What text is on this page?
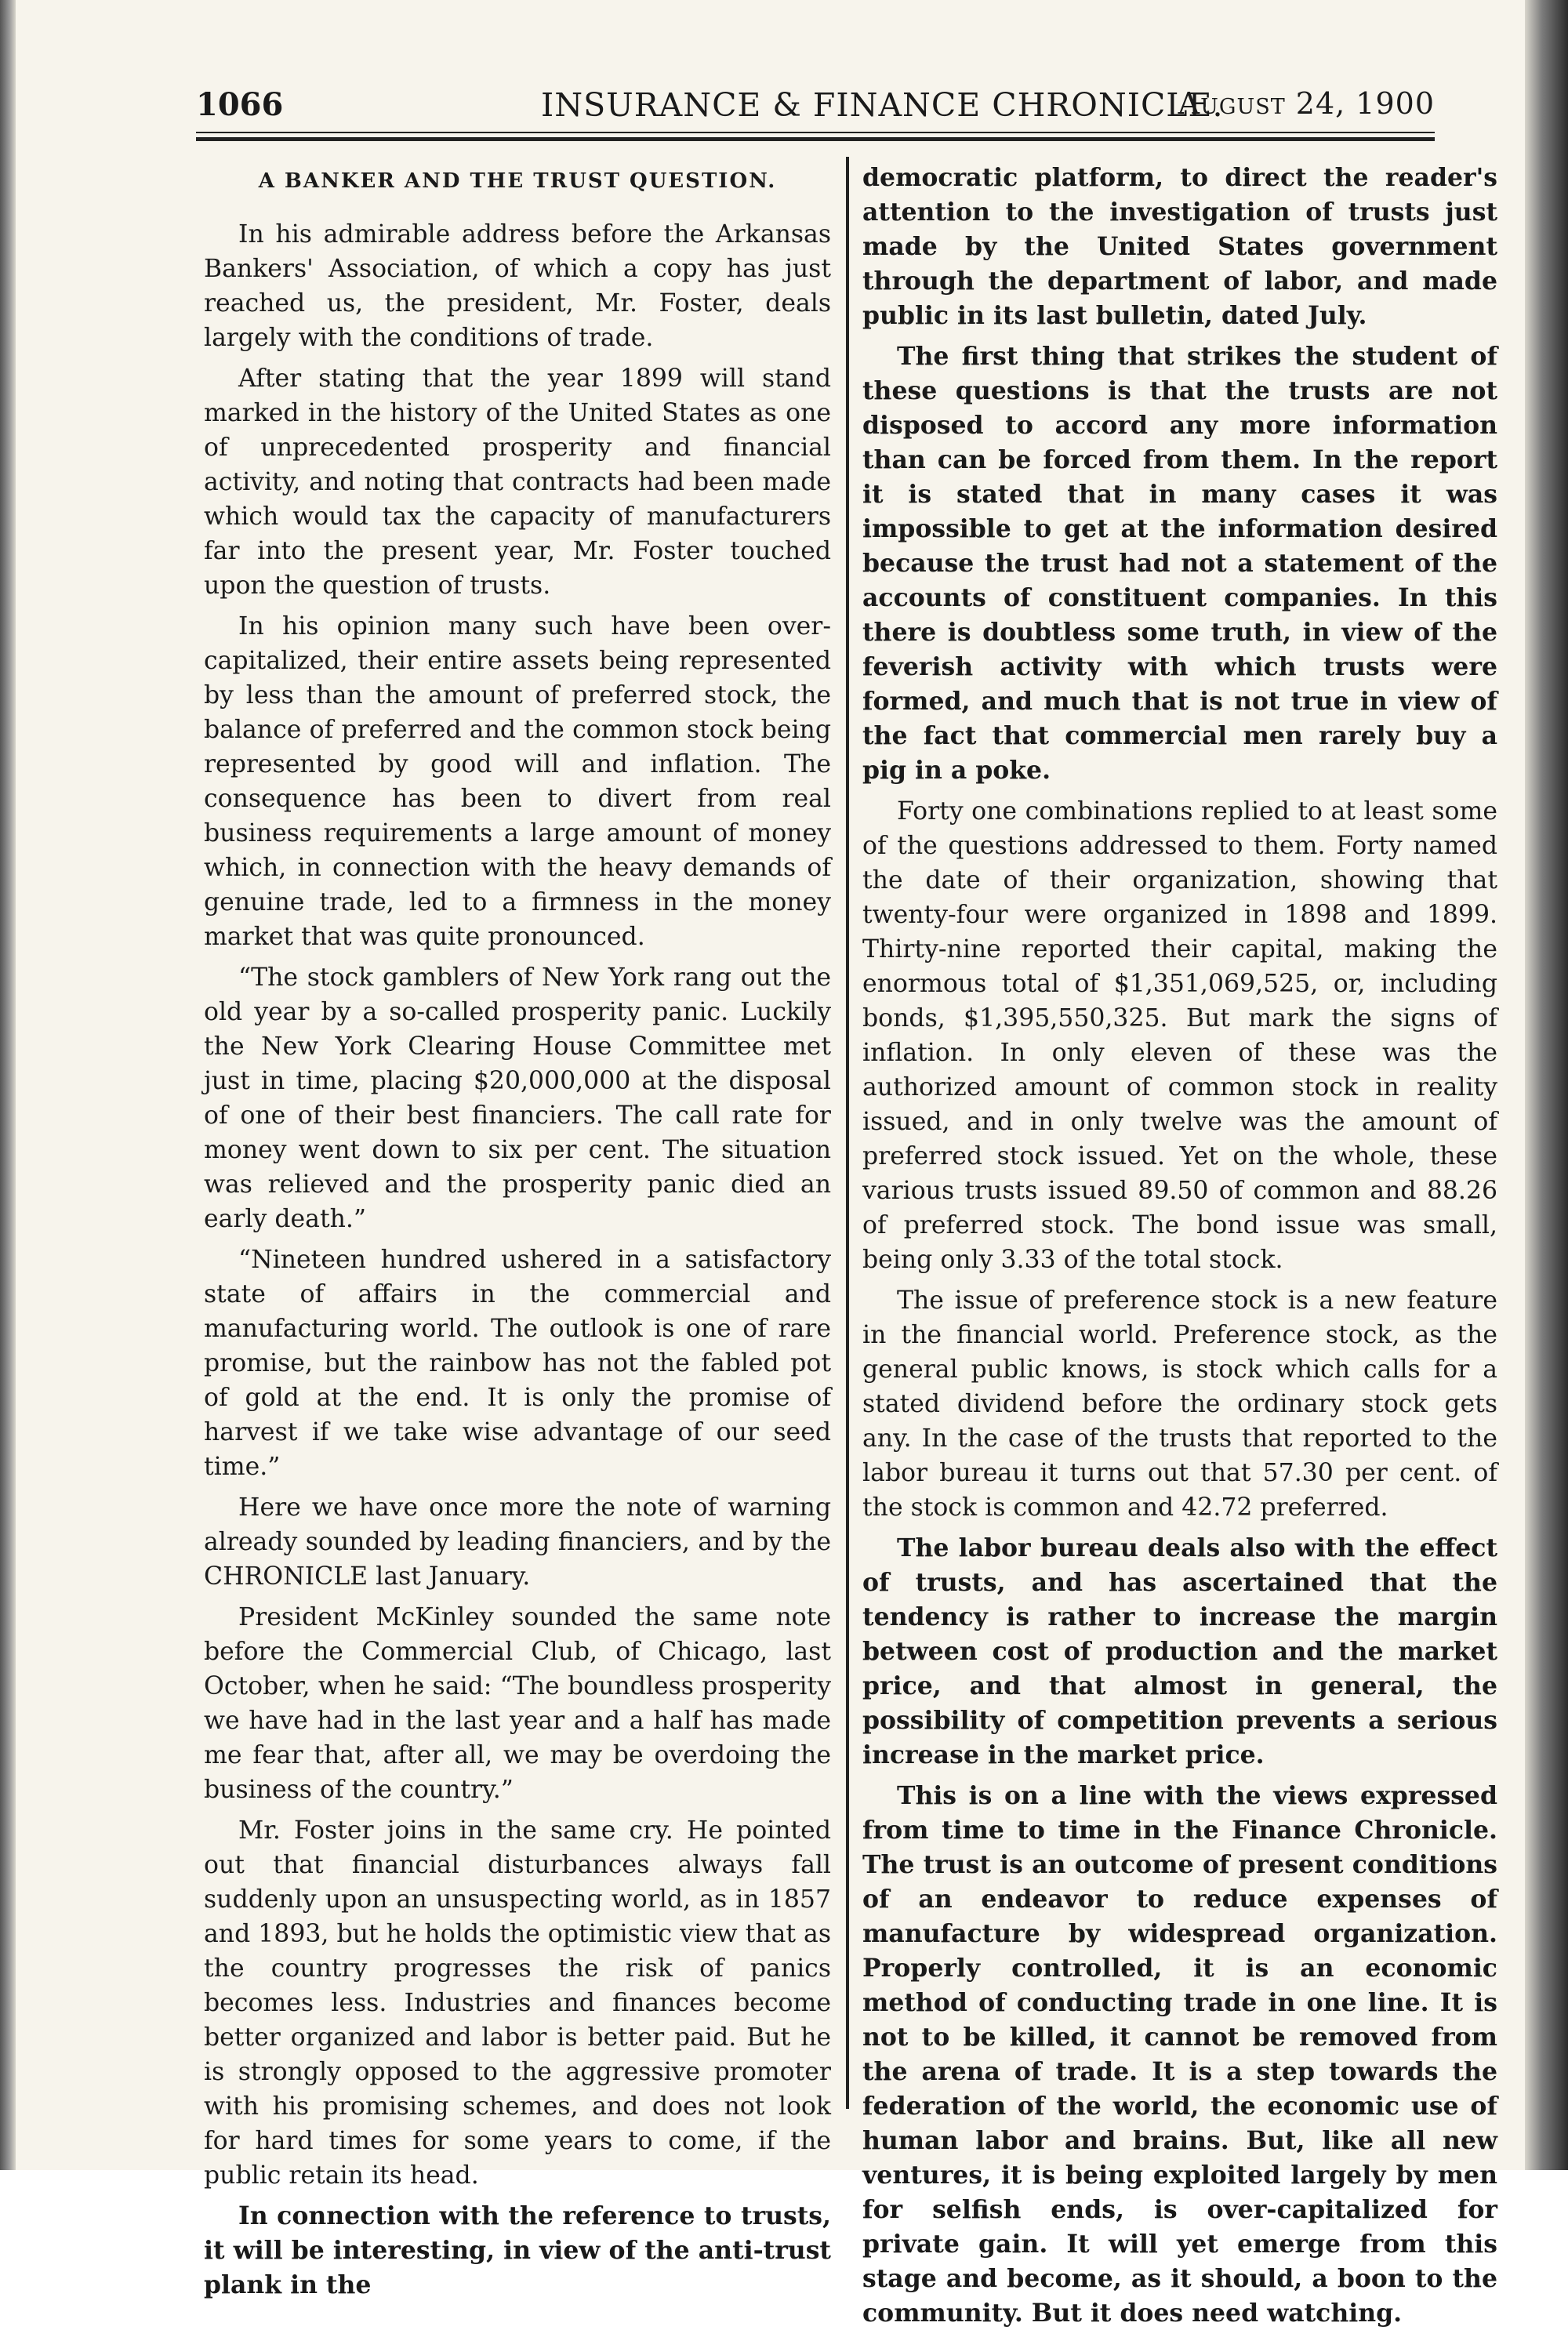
1066	INSURANCE & FINANCE CHRONICLE.
August 24, 1900
A BANKER AND THE TRUST QUESTION.

In his admirable address before the Arkansas Bankers' Association, of which a copy has just reached us, the president, Mr. Foster, deals largely with the conditions of trade.

After stating that the year 1899 will stand marked in the history of the United States as one of unprecedented prosperity and financial activity, and noting that contracts had been made which would tax the capacity of manufacturers far into the present year, Mr. Foster touched upon the question of trusts.

In his opinion many such have been over-capitalized, their entire assets being represented by less than the amount of preferred stock, the balance of preferred and the common stock being represented by good will and inflation. The consequence has been to divert from real business requirements a large amount of money which, in connection with the heavy demands of genuine trade, led to a firmness in the money market that was quite pronounced.

“The stock gamblers of New York rang out the old year by a so-called prosperity panic. Luckily the New York Clearing House Committee met just in time, placing $20,000,000 at the disposal of one of their best financiers. The call rate for money went down to six per cent. The situation was relieved and the prosperity panic died an early death.”

“Nineteen hundred ushered in a satisfactory state of affairs in the commercial and manufacturing world. The outlook is one of rare promise, but the rainbow has not the fabled pot of gold at the end. It is only the promise of harvest if we take wise advantage of our seed time.”

Here we have once more the note of warning already sounded by leading financiers, and by the CHRONICLE last January.

President McKinley sounded the same note before the Commercial Club, of Chicago, last October, when he said: “The boundless prosperity we have had in the last year and a half has made me fear that, after all, we may be overdoing the business of the country.”

Mr. Foster joins in the same cry. He pointed out that financial disturbances always fall suddenly upon an unsuspecting world, as in 1857 and 1893, but he holds the optimistic view that as the country progresses the risk of panics becomes less. Industries and finances become better organized and labor is better paid. But he is strongly opposed to the aggressive promoter with his promising schemes, and does not look for hard times for some years to come, if the public retain its head.

In connection with the reference to trusts, it will be interesting, in view of the anti-trust plank in the

democratic platform, to direct the reader's attention to the investigation of trusts just made by the United States government through the department of labor, and made public in its last bulletin, dated July.

The first thing that strikes the student of these questions is that the trusts are not disposed to accord any more information than can be forced from them. In the report it is stated that in many cases it was impossible to get at the information desired because the trust had not a statement of the accounts of constituent companies. In this there is doubtless some truth, in view of the feverish activity with which trusts were formed, and much that is not true in view of the fact that commercial men rarely buy a pig in a poke.

Forty one combinations replied to at least some of the questions addressed to them. Forty named the date of their organization, showing that twenty-four were organized in 1898 and 1899. Thirty-nine reported their capital, making the enormous total of $1,351,069,525, or, including bonds, $1,395,550,325. But mark the signs of inflation. In only eleven of these was the authorized amount of common stock in reality issued, and in only twelve was the amount of preferred stock issued. Yet on the whole, these various trusts issued 89.50 of common and 88.26 of preferred stock. The bond issue was small, being only 3.33 of the total stock.

The issue of preference stock is a new feature in the financial world. Preference stock, as the general public knows, is stock which calls for a stated dividend before the ordinary stock gets any. In the case of the trusts that reported to the labor bureau it turns out that 57.30 per cent. of the stock is common and 42.72 preferred.

The labor bureau deals also with the effect of trusts, and has ascertained that the tendency is rather to increase the margin between cost of production and the market price, and that almost in general, the possibility of competition prevents a serious increase in the market price.

This is on a line with the views expressed from time to time in the Finance Chronicle. The trust is an outcome of present conditions of an endeavor to reduce expenses of manufacture by widespread organization. Properly controlled, it is an economic method of conducting trade in one line. It is not to be killed, it cannot be removed from the arena of trade. It is a step towards the federation of the world, the economic use of human labor and brains. But, like all new ventures, it is being exploited largely by men for selfish ends, is over-capitalized for private gain. It will yet emerge from this stage and become, as it should, a boon to the community. But it does need watching.
